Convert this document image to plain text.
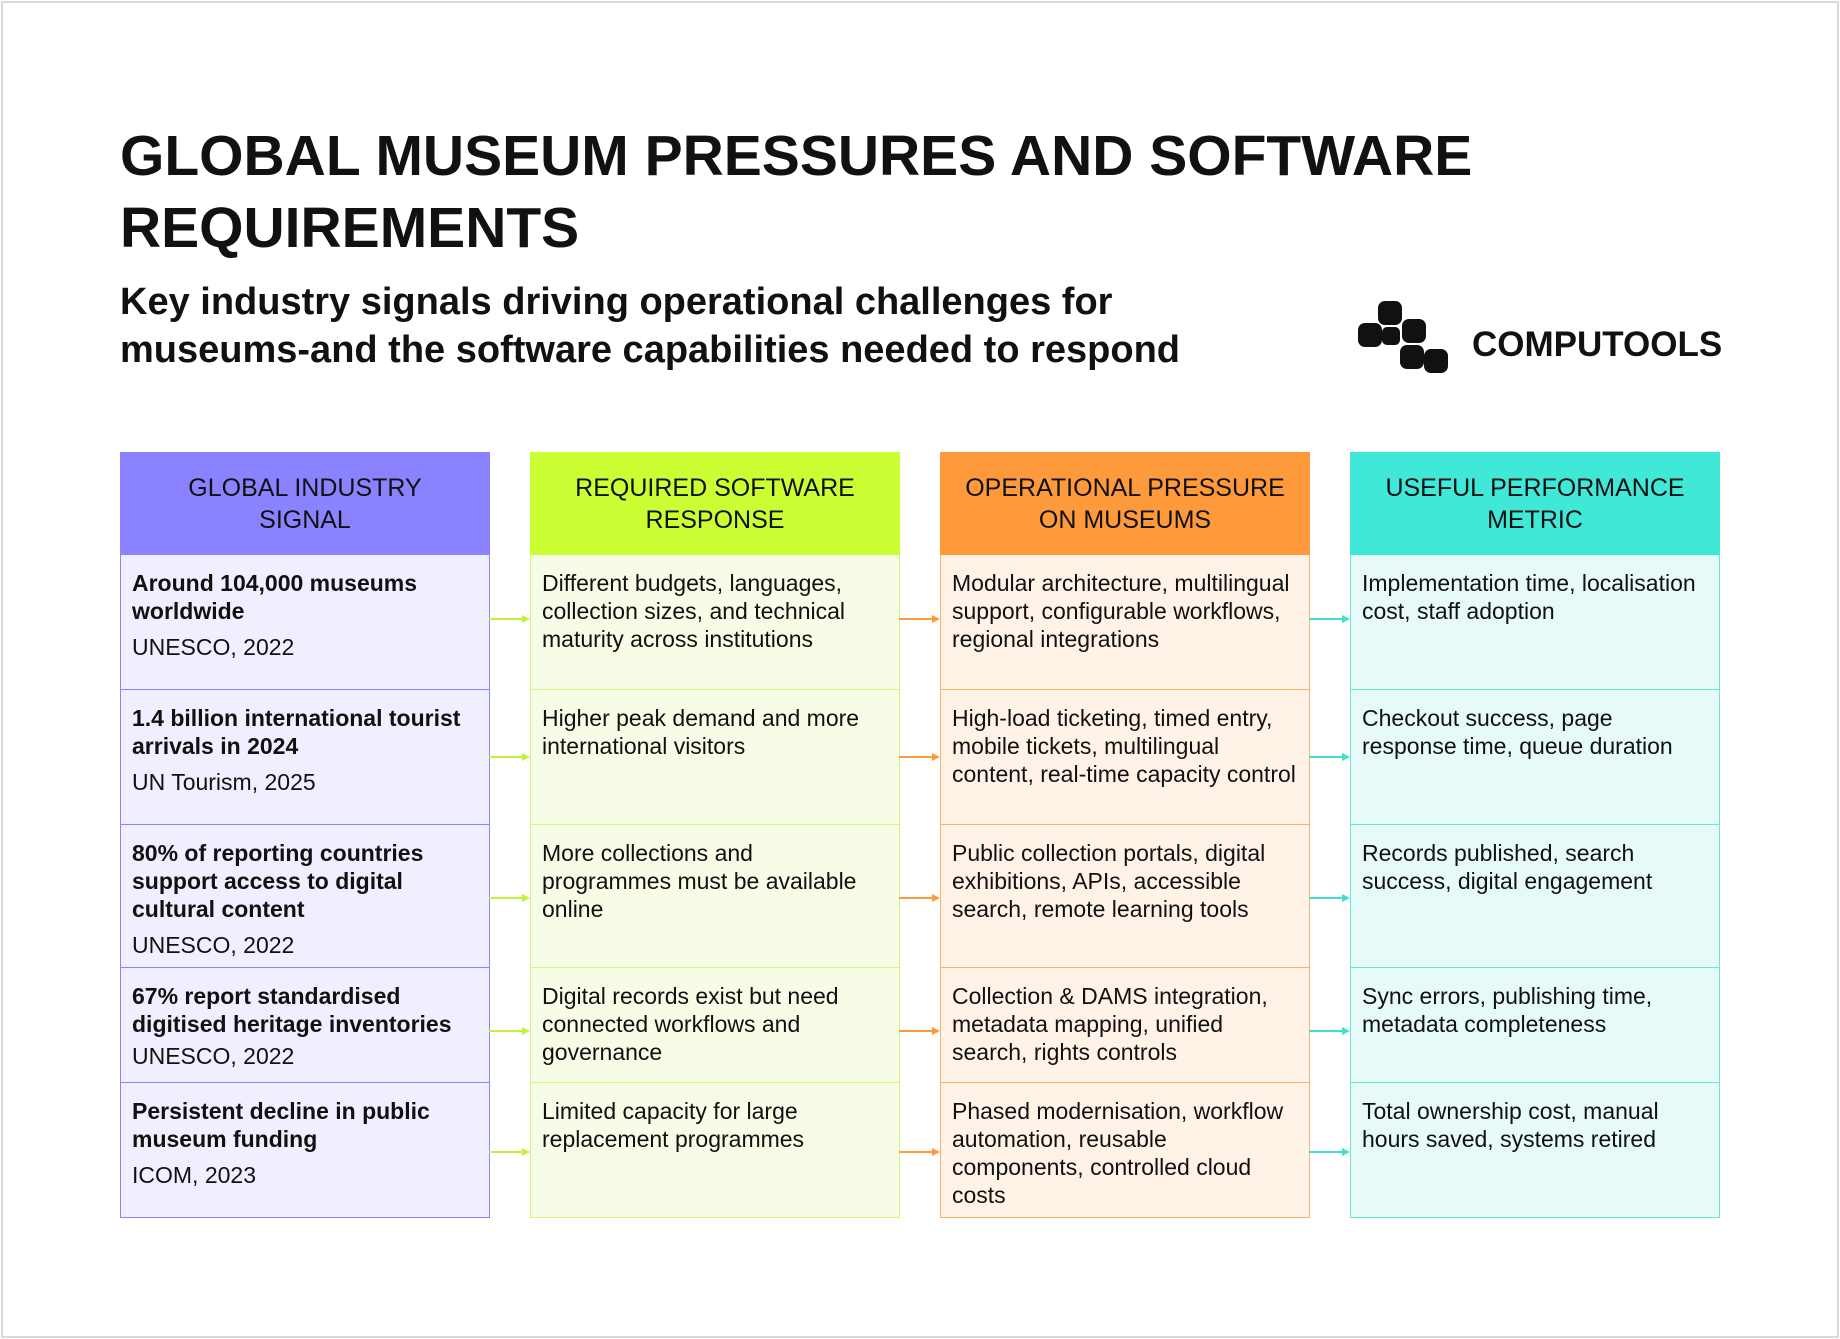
GLOBAL MUSEUM PRESSURES AND SOFTWARE REQUIREMENTS
Key industry signals driving operational challenges for
museums-and the software capabilities needed to respond	COMPUTOOLS
GLOBAL INDUSTRY
SIGNAL
Around 104,000 museums worldwide
UNESCO, 2022
1.4 billion international tourist arrivals in 2024
UN Tourism, 2025
80% of reporting countries support access to digital cultural content
UNESCO, 2022
67% report standardised digitised heritage inventories
UNESCO, 2022
Persistent decline in public museum funding
ICOM, 2023
REQUIRED SOFTWARE
RESPONSE
Different budgets, languages, collection sizes, and technical maturity across institutions
Higher peak demand and more international visitors
More collections and programmes must be available online
Digital records exist but need connected workflows and governance
Limited capacity for large replacement programmes
OPERATIONAL PRESSURE
ON MUSEUMS
Modular architecture, multilingual support, configurable workflows, regional integrations
High-load ticketing, timed entry, mobile tickets, multilingual content, real-time capacity control
Public collection portals, digital exhibitions, APIs, accessible search, remote learning tools
Collection & DAMS integration, metadata mapping, unified search, rights controls
Phased modernisation, workflow automation, reusable components, controlled cloud costs
USEFUL PERFORMANCE
METRIC
Implementation time, localisation cost, staff adoption
Checkout success, page response time, queue duration
Records published, search success, digital engagement
Sync errors, publishing time, metadata completeness
Total ownership cost, manual hours saved, systems retired
